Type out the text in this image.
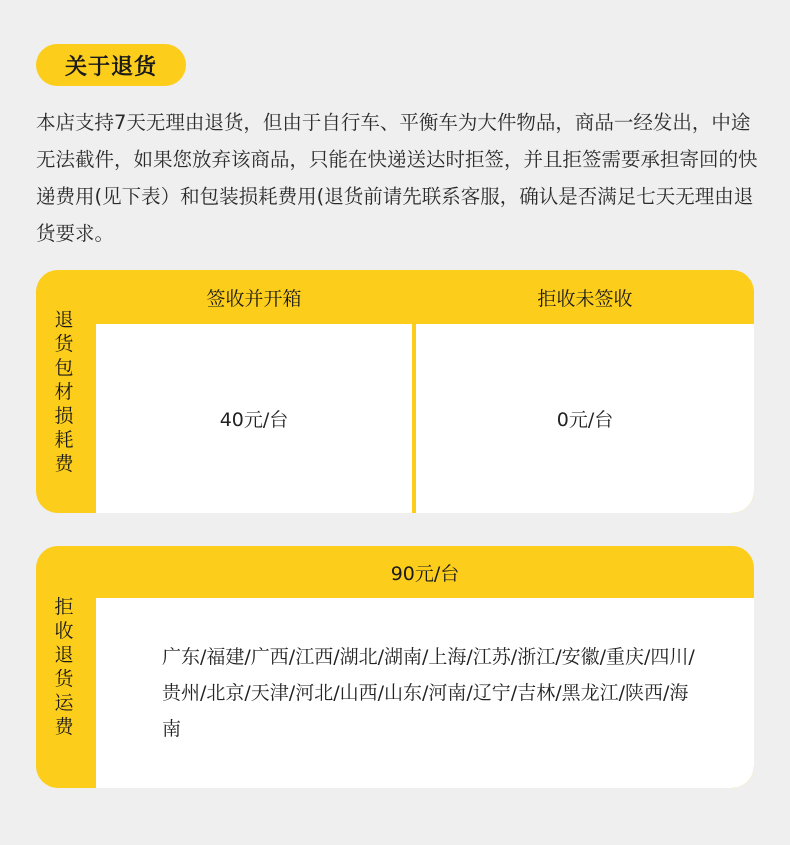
关于退货

本店支持7天无理由退货，但由于自行车、平衡车为大件物品，商品一经发出，中途无法截件，如果您放弃该商品，只能在快递送达时拒签，并且拒签需要承担寄回的快递费用(见下表）和包装损耗费用(退货前请先联系客服，确认是否满足七天无理由退货要求。

退货包材损耗费
签收并开箱	拒收未签收
40元/台	0元/台
拒收退货运费
90元/台

广东/福建/广西/江西/湖北/湖南/上海/江苏/浙江/安徽/重庆/四川/贵州/北京/天津/河北/山西/山东/河南/辽宁/吉林/黑龙江/陕西/海南
